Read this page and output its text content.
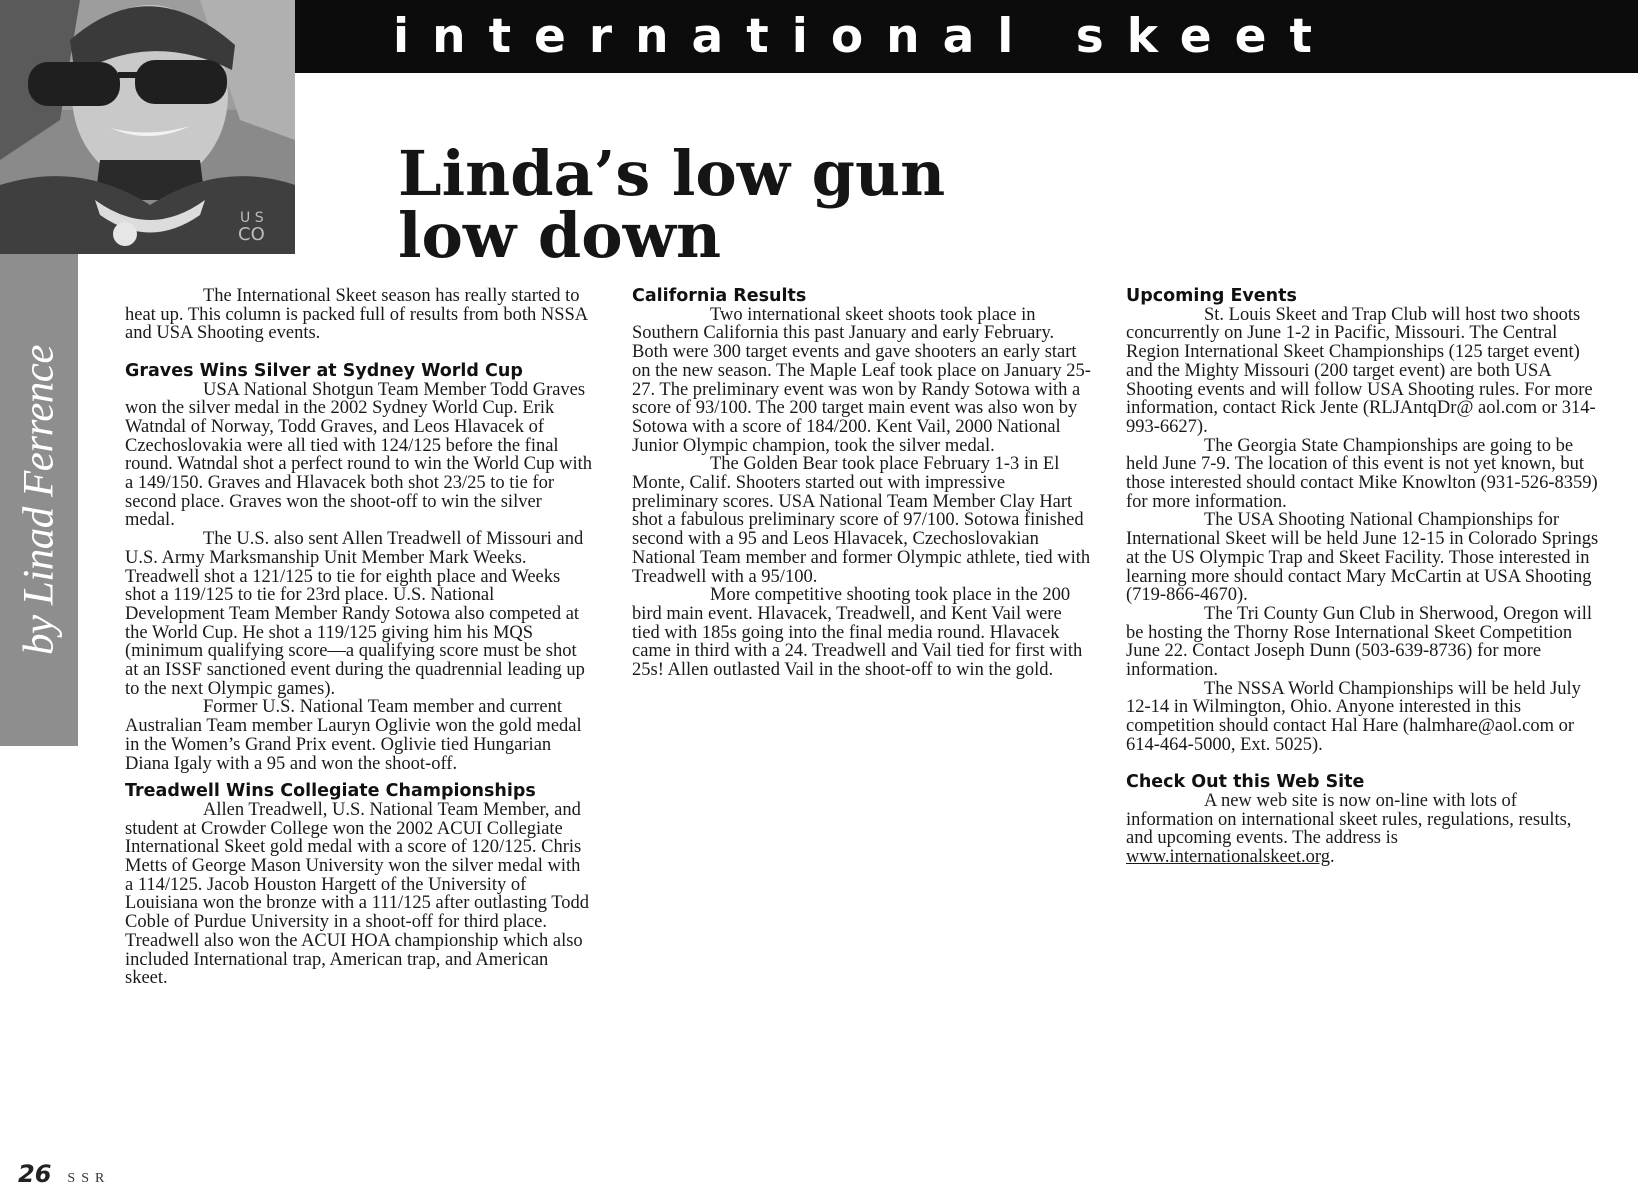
international skeet
U S
CO
by Linad Ferrence
Linda’s low gun
low down

The International Skeet season has really started to heat up. This column is packed full of results from both NSSA and USA Shooting events.

Graves Wins Silver at Sydney World Cup

USA National Shotgun Team Member Todd Graves won the silver medal in the 2002 Sydney World Cup. Erik Watndal of Norway, Todd Graves, and Leos Hlavacek of Czechoslovakia were all tied with 124/125 before the final round. Watndal shot a perfect round to win the World Cup with a 149/150. Graves and Hlavacek both shot 23/25 to tie for second place. Graves won the shoot-off to win the silver medal.

The U.S. also sent Allen Treadwell of Missouri and U.S. Army Marksmanship Unit Member Mark Weeks. Treadwell shot a 121/125 to tie for eighth place and Weeks shot a 119/125 to tie for 23rd place. U.S. National Development Team Member Randy Sotowa also competed at the World Cup. He shot a 119/125 giving him his MQS (minimum qualifying score—a qualifying score must be shot at an ISSF sanctioned event during the quadrennial leading up to the next Olympic games).

Former U.S. National Team member and current Australian Team member Lauryn Oglivie won the gold medal in the Women’s Grand Prix event. Oglivie tied Hungarian Diana Igaly with a 95 and won the shoot-off.

Treadwell Wins Collegiate Championships

Allen Treadwell, U.S. National Team Member, and student at Crowder College won the 2002 ACUI Collegiate International Skeet gold medal with a score of 120/125. Chris Metts of George Mason University won the silver medal with a 114/125. Jacob Houston Hargett of the University of Louisiana won the bronze with a 111/125 after outlasting Todd Coble of Purdue University in a shoot-off for third place. Treadwell also won the ACUI HOA championship which also included International trap, American trap, and American skeet.

California Results

Two international skeet shoots took place in Southern California this past January and early February. Both were 300 target events and gave shooters an early start on the new season. The Maple Leaf took place on January 25-27. The preliminary event was won by Randy Sotowa with a score of 93/100. The 200 target main event was also won by Sotowa with a score of 184/200. Kent Vail, 2000 National Junior Olympic champion, took the silver medal.

The Golden Bear took place February 1-3 in El Monte, Calif. Shooters started out with impressive preliminary scores. USA National Team Member Clay Hart shot a fabulous preliminary score of 97/100. Sotowa finished second with a 95 and Leos Hlavacek, Czechoslovakian National Team member and former Olympic athlete, tied with Treadwell with a 95/100.

More competitive shooting took place in the 200 bird main event. Hlavacek, Treadwell, and Kent Vail were tied with 185s going into the final media round. Hlavacek came in third with a 24. Treadwell and Vail tied for first with 25s! Allen outlasted Vail in the shoot-off to win the gold.

Upcoming Events

St. Louis Skeet and Trap Club will host two shoots concurrently on June 1-2 in Pacific, Missouri. The Central Region International Skeet Championships (125 target event) and the Mighty Missouri (200 target event) are both USA Shooting events and will follow USA Shooting rules. For more information, contact Rick Jente (RLJAntqDr@ aol.com or 314-993-6627).

The Georgia State Championships are going to be held June 7-9. The location of this event is not yet known, but those interested should contact Mike Knowlton (931-526-8359) for more information.

The USA Shooting National Championships for International Skeet will be held June 12-15 in Colorado Springs at the US Olympic Trap and Skeet Facility. Those interested in learning more should contact Mary McCartin at USA Shooting (719-866-4670).

The Tri County Gun Club in Sherwood, Oregon will be hosting the Thorny Rose International Skeet Competition June 22. Contact Joseph Dunn (503-639-8736) for more information.

The NSSA World Championships will be held July 12-14 in Wilmington, Ohio. Anyone interested in this competition should contact Hal Hare (halmhare@aol.com or 614-464-5000, Ext. 5025).

Check Out this Web Site

A new web site is now on-line with lots of information on international skeet rules, regulations, results, and upcoming events. The address is www.internationalskeet.org.

26 SSR
